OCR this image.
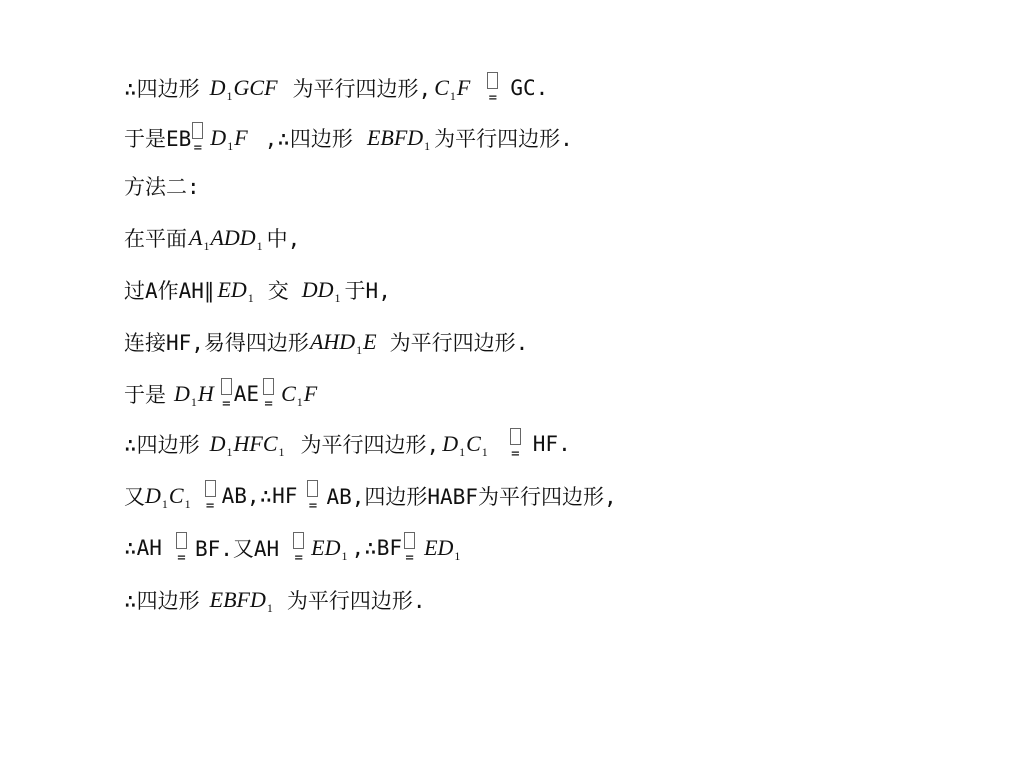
∴四边形 D 1 GCF 为平行四边形, C 1 F = GC.
于是EB = D 1 F ,∴四边形 EBFD 1 为平行四边形.
方法二:
在平面 A 1 ADD 1 中,
过A作AH∥ ED 1 交 DD 1 于H,
连接HF,易得四边形 AHD 1 E 为平行四边形.
于是 D 1 H = AE = C 1 F
∴四边形 D 1 HFC 1 为平行四边形, D 1 C 1 = HF.
又 D 1 C 1 = AB,∴HF = AB,四边形HABF为平行四边形,
∴AH = BF.又AH = ED 1 ,∴BF = ED 1
∴四边形 EBFD 1 为平行四边形.
